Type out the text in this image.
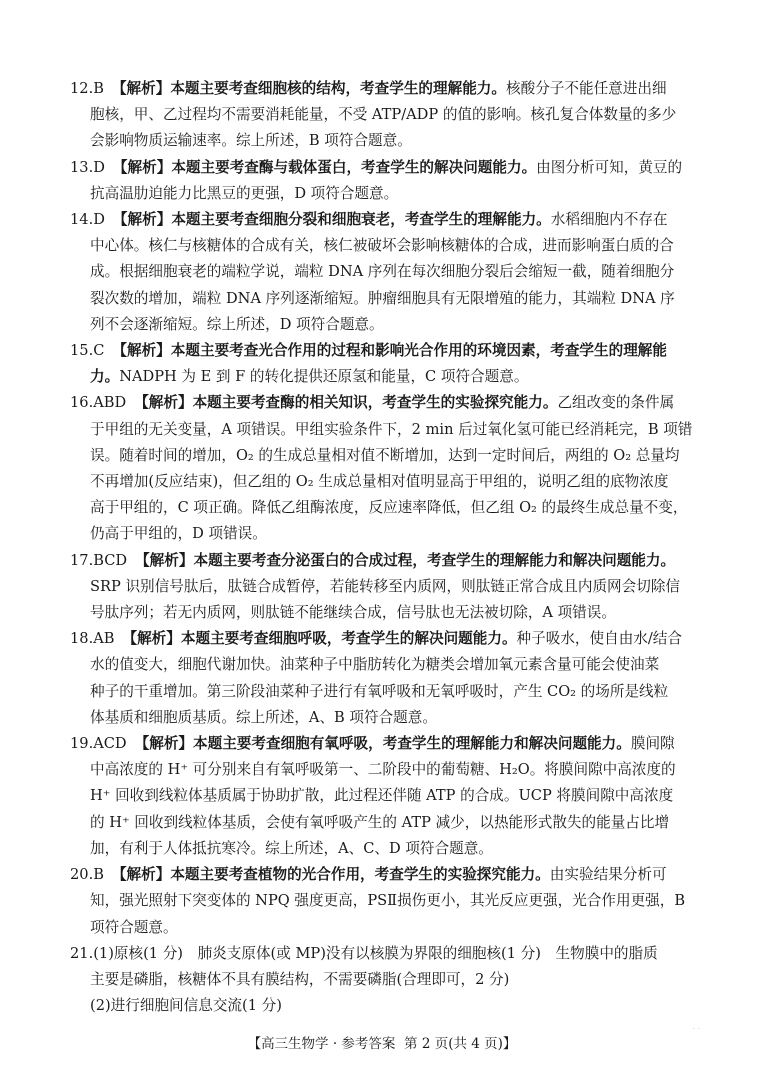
12.B 【解析】本题主要考查细胞核的结构，考查学生的理解能力。核酸分子不能任意进出细

胞核，甲、乙过程均不需要消耗能量，不受 ATP/ADP 的值的影响。核孔复合体数量的多少

会影响物质运输速率。综上所述，B 项符合题意。

13.D 【解析】本题主要考查酶与载体蛋白，考查学生的解决问题能力。由图分析可知，黄豆的

抗高温肋迫能力比黑豆的更强，D 项符合题意。

14.D 【解析】本题主要考查细胞分裂和细胞衰老，考查学生的理解能力。水稻细胞内不存在

中心体。核仁与核糖体的合成有关，核仁被破坏会影响核糖体的合成，进而影响蛋白质的合

成。根据细胞衰老的端粒学说，端粒 DNA 序列在每次细胞分裂后会缩短一截，随着细胞分

裂次数的增加，端粒 DNA 序列逐渐缩短。肿瘤细胞具有无限增殖的能力，其端粒 DNA 序

列不会逐渐缩短。综上所述，D 项符合题意。

15.C 【解析】本题主要考查光合作用的过程和影响光合作用的环境因素，考查学生的理解能

力。NADPH 为 E 到 F 的转化提供还原氢和能量，C 项符合题意。

16.ABD 【解析】本题主要考查酶的相关知识，考查学生的实验探究能力。乙组改变的条件属

于甲组的无关变量，A 项错误。甲组实验条件下，2 min 后过氧化氢可能已经消耗完，B 项错

误。随着时间的增加，O₂ 的生成总量相对值不断增加，达到一定时间后，两组的 O₂ 总量均

不再增加(反应结束)，但乙组的 O₂ 生成总量相对值明显高于甲组的，说明乙组的底物浓度

高于甲组的，C 项正确。降低乙组酶浓度，反应速率降低，但乙组 O₂ 的最终生成总量不变，

仍高于甲组的，D 项错误。

17.BCD 【解析】本题主要考查分泌蛋白的合成过程，考查学生的理解能力和解决问题能力。

SRP 识别信号肽后，肽链合成暂停，若能转移至内质网，则肽链正常合成且内质网会切除信

号肽序列；若无内质网，则肽链不能继续合成，信号肽也无法被切除，A 项错误。

18.AB 【解析】本题主要考查细胞呼吸，考查学生的解决问题能力。种子吸水，使自由水/结合

水的值变大，细胞代谢加快。油菜种子中脂肪转化为糖类会增加氧元素含量可能会使油菜

种子的干重增加。第三阶段油菜种子进行有氧呼吸和无氧呼吸时，产生 CO₂ 的场所是线粒

体基质和细胞质基质。综上所述，A、B 项符合题意。

19.ACD 【解析】本题主要考查细胞有氧呼吸，考查学生的理解能力和解决问题能力。膜间隙

中高浓度的 H⁺ 可分别来自有氧呼吸第一、二阶段中的葡萄糖、H₂O。将膜间隙中高浓度的

H⁺ 回收到线粒体基质属于协助扩散，此过程还伴随 ATP 的合成。UCP 将膜间隙中高浓度

的 H⁺ 回收到线粒体基质，会使有氧呼吸产生的 ATP 减少，以热能形式散失的能量占比增

加，有利于人体抵抗寒冷。综上所述，A、C、D 项符合题意。

20.B 【解析】本题主要考查植物的光合作用，考查学生的实验探究能力。由实验结果分析可

知，强光照射下突变体的 NPQ 强度更高，PSⅡ损伤更小，其光反应更强，光合作用更强，B

项符合题意。

21.(1)原核(1 分)　肺炎支原体(或 MP)没有以核膜为界限的细胞核(1 分)　生物膜中的脂质

主要是磷脂，核糖体不具有膜结构，不需要磷脂(合理即可，2 分)

(2)进行细胞间信息交流(1 分)

【高三生物学 · 参考答案 第 2 页(共 4 页)】
. .
